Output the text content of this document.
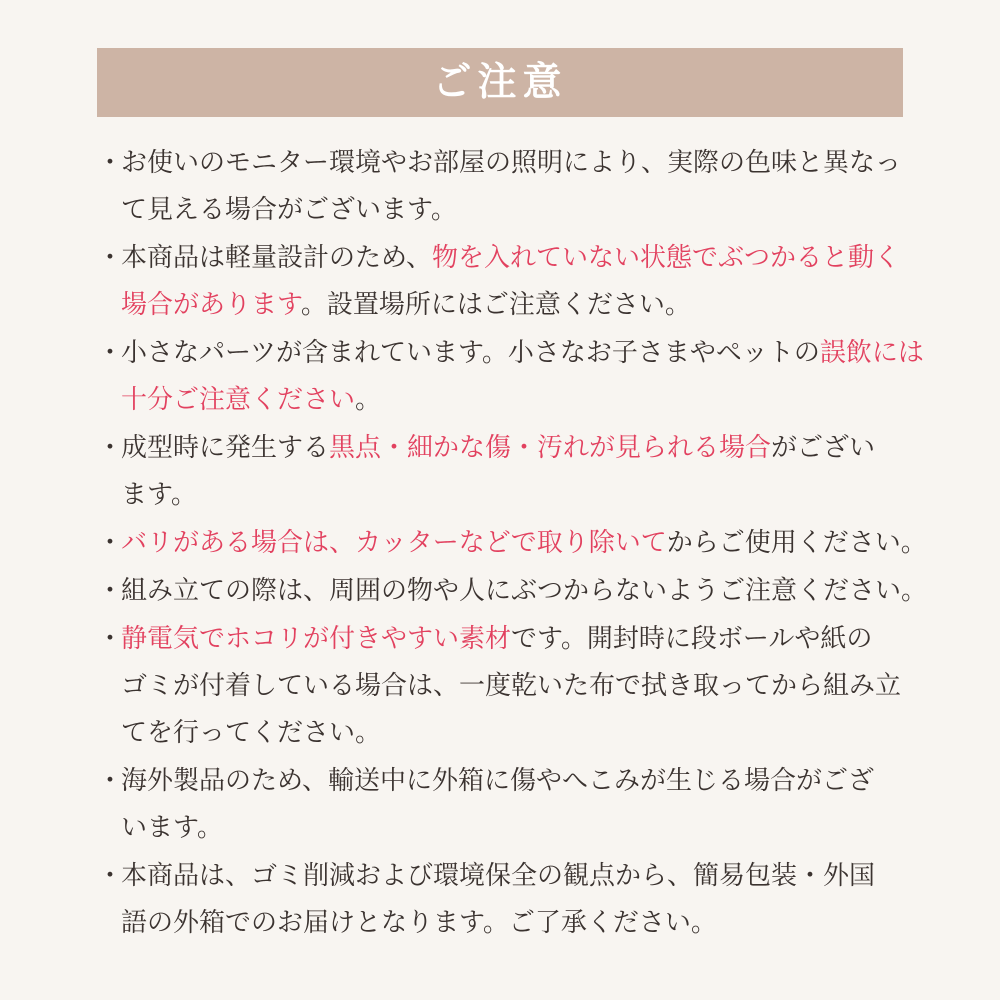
ご注意
・
お使いのモニター環境やお部屋の照明により、実際の色味と異なっ
て見える場合がございます。
・
本商品は軽量設計のため、物を入れていない状態でぶつかると動く
場合があります。設置場所にはご注意ください。
・
小さなパーツが含まれています。小さなお子さまやペットの誤飲には
十分ご注意ください。
・
成型時に発生する黒点・細かな傷・汚れが見られる場合がござい
ます。
・
バリがある場合は、カッターなどで取り除いてからご使用ください。
・
組み立ての際は、周囲の物や人にぶつからないようご注意ください。
・
静電気でホコリが付きやすい素材です。開封時に段ボールや紙の
ゴミが付着している場合は、一度乾いた布で拭き取ってから組み立
てを行ってください。
・
海外製品のため、輸送中に外箱に傷やへこみが生じる場合がござ
います。
・
本商品は、ゴミ削減および環境保全の観点から、簡易包装・外国
語の外箱でのお届けとなります。ご了承ください。
